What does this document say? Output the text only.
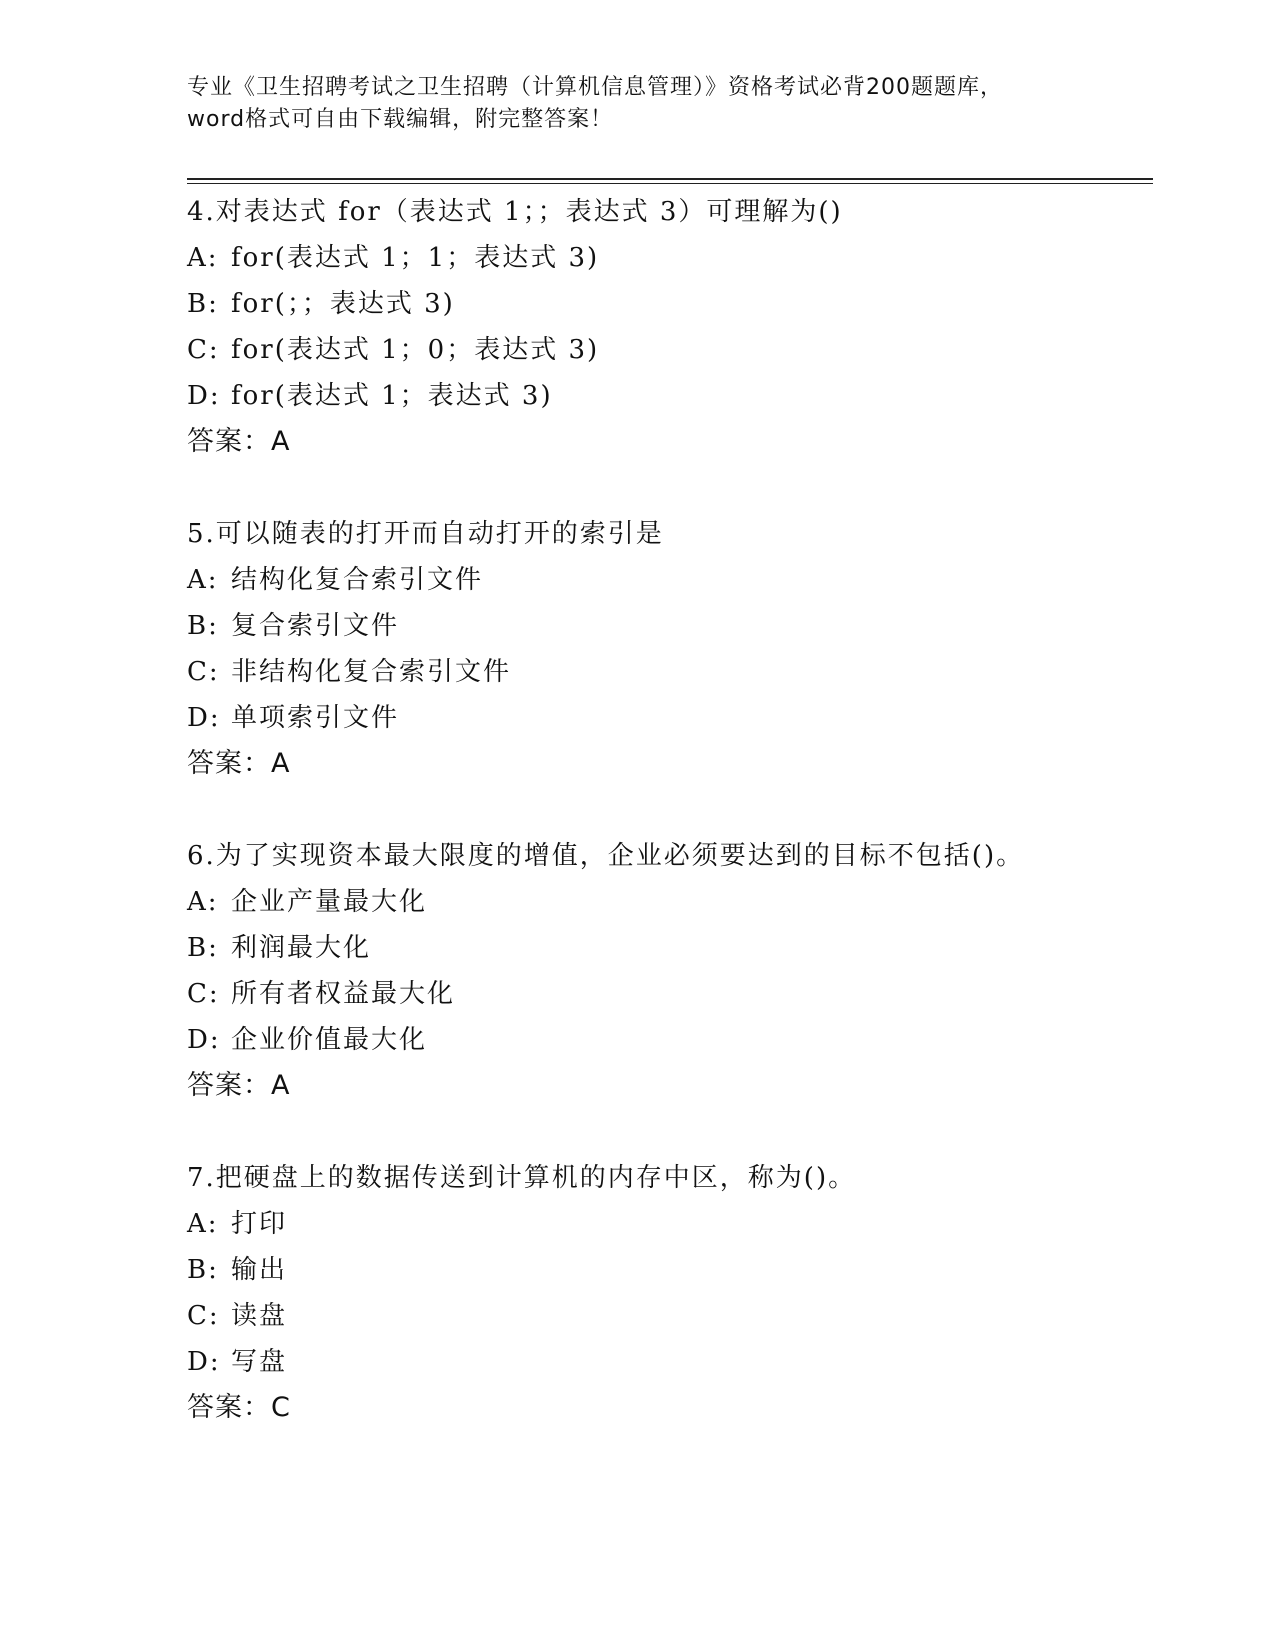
专业《卫生招聘考试之卫生招聘（计算机信息管理）》资格考试必背200题题库，
word格式可自由下载编辑，附完整答案！
4.对表达式 for（表达式 1；；表达式 3）可理解为()
A: for(表达式 1；1；表达式 3)
B: for(；；表达式 3)
C: for(表达式 1；0；表达式 3)
D: for(表达式 1；表达式 3)
答案：A
5.可以随表的打开而自动打开的索引是
A: 结构化复合索引文件
B: 复合索引文件
C: 非结构化复合索引文件
D: 单项索引文件
答案：A
6.为了实现资本最大限度的增值，企业必须要达到的目标不包括()。
A: 企业产量最大化
B: 利润最大化
C: 所有者权益最大化
D: 企业价值最大化
答案：A
7.把硬盘上的数据传送到计算机的内存中区，称为()。
A: 打印
B: 输出
C: 读盘
D: 写盘
答案：C
